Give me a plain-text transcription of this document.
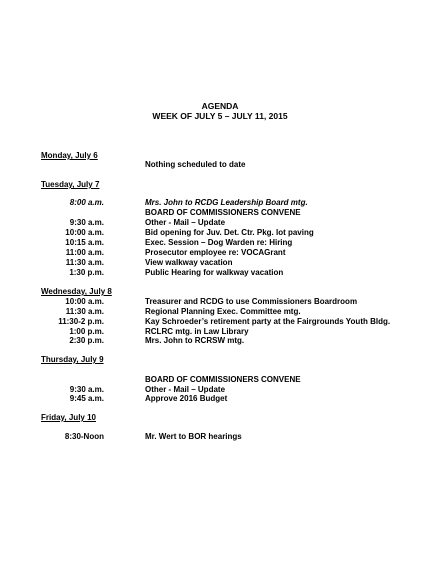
AGENDA
WEEK OF JULY 5 – JULY 11, 2015
Monday, July 6
Nothing scheduled to date
Tuesday, July 7
8:00 a.m.	Mrs. John to RCDG Leadership Board mtg.
BOARD OF COMMISSIONERS CONVENE
9:30 a.m.	Other - Mail – Update
10:00 a.m.	Bid opening for Juv. Det. Ctr. Pkg. lot paving
10:15 a.m.	Exec. Session – Dog Warden re: Hiring
11:00 a.m.	Prosecutor employee re: VOCAGrant
11:30 a.m.	View walkway vacation
1:30 p.m.	Public Hearing for walkway vacation
Wednesday, July 8
10:00 a.m.	Treasurer and RCDG to use Commissioners Boardroom
11:30 a.m.	Regional Planning Exec. Committee mtg.
11:30-2 p.m.	Kay Schroeder’s retirement party at the Fairgrounds Youth Bldg.
1:00 p.m.	RCLRC mtg. in Law Library
2:30 p.m.	Mrs. John to RCRSW mtg.
Thursday, July 9
BOARD OF COMMISSIONERS CONVENE
9:30 a.m.	Other - Mail – Update
9:45 a.m.	Approve 2016 Budget
Friday, July 10
8:30-Noon	Mr. Wert to BOR hearings
